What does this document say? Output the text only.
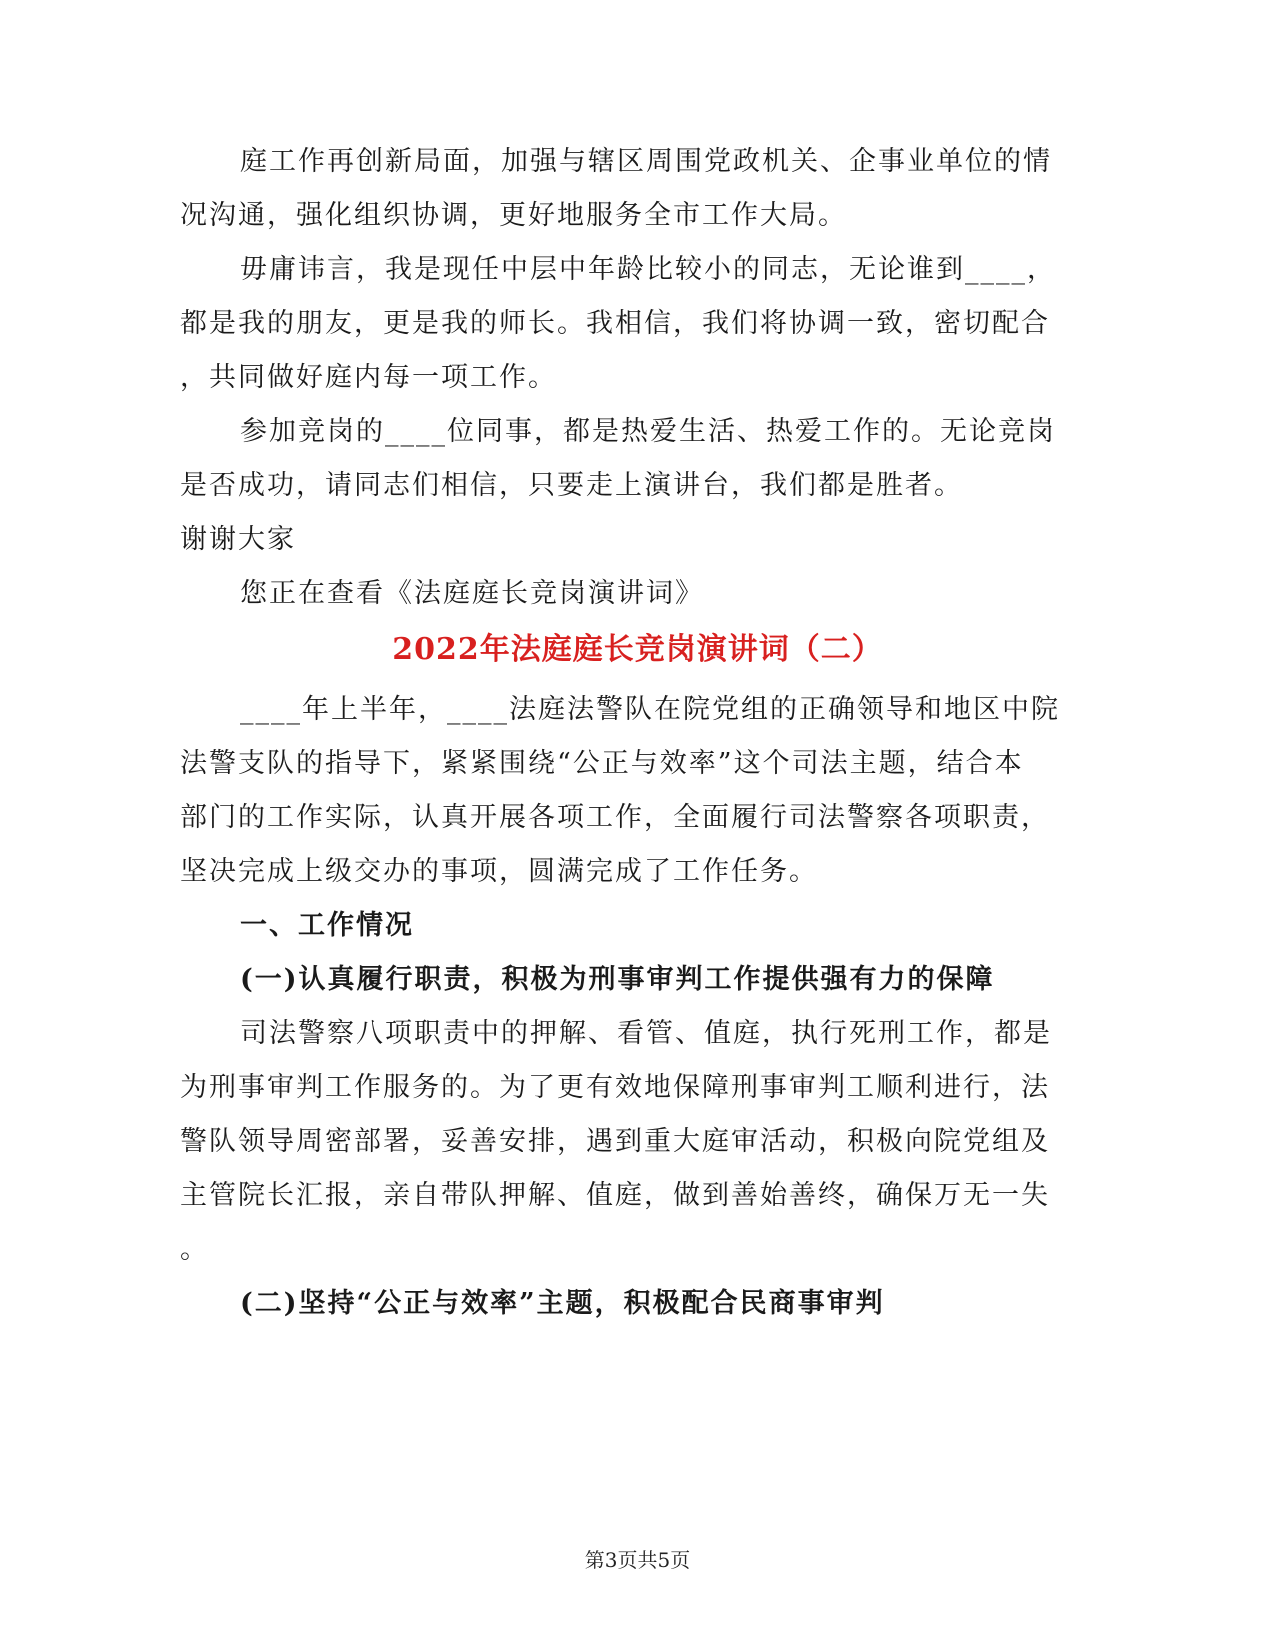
庭工作再创新局面，加强与辖区周围党政机关、企事业单位的情
况沟通，强化组织协调，更好地服务全市工作大局。
毋庸讳言，我是现任中层中年龄比较小的同志，无论谁到____，
都是我的朋友，更是我的师长。我相信，我们将协调一致，密切配合
，共同做好庭内每一项工作。
参加竞岗的____位同事，都是热爱生活、热爱工作的。无论竞岗
是否成功，请同志们相信，只要走上演讲台，我们都是胜者。
谢谢大家
您正在查看《法庭庭长竞岗演讲词》
2022年法庭庭长竞岗演讲词（二）
____年上半年，____法庭法警队在院党组的正确领导和地区中院
法警支队的指导下，紧紧围绕“公正与效率”这个司法主题，结合本
部门的工作实际，认真开展各项工作，全面履行司法警察各项职责，
坚决完成上级交办的事项，圆满完成了工作任务。
一、工作情况
(一)认真履行职责，积极为刑事审判工作提供强有力的保障
司法警察八项职责中的押解、看管、值庭，执行死刑工作，都是
为刑事审判工作服务的。为了更有效地保障刑事审判工顺利进行，法
警队领导周密部署，妥善安排，遇到重大庭审活动，积极向院党组及
主管院长汇报，亲自带队押解、值庭，做到善始善终，确保万无一失
。
(二)坚持“公正与效率”主题，积极配合民商事审判
第3页共5页
